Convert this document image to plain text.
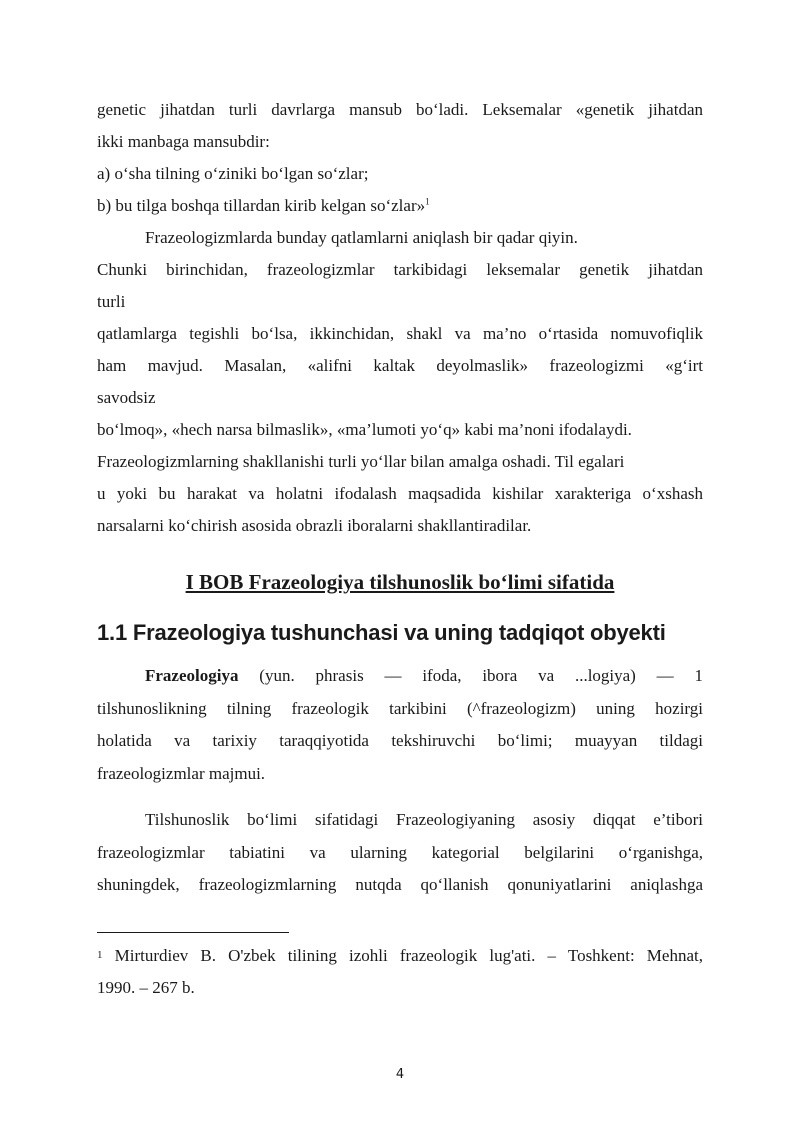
genetic jihatdan turli davrlarga mansub bo‘ladi. Leksemalar «genetik jihatdan

ikki manbaga mansubdir:

a) o‘sha tilning o‘ziniki bo‘lgan so‘zlar;

b) bu tilga boshqa tillardan kirib kelgan so‘zlar»$^1$

Frazeologizmlarda bunday qatlamlarni aniqlash bir qadar qiyin.

Chunki birinchidan, frazeologizmlar tarkibidagi leksemalar genetik jihatdan

turli

qatlamlarga tegishli bo‘lsa, ikkinchidan, shakl va ma’no o‘rtasida nomuvofiqlik

ham mavjud. Masalan, «alifni kaltak deyolmaslik» frazeologizmi «g‘irt

savodsiz

bo‘lmoq», «hech narsa bilmaslik», «ma’lumoti yo‘q» kabi ma’noni ifodalaydi.

Frazeologizmlarning shakllanishi turli yo‘llar bilan amalga oshadi. Til egalari

u yoki bu harakat va holatni ifodalash maqsadida kishilar xarakteriga o‘xshash

narsalarni ko‘chirish asosida obrazli iboralarni shakllantiradilar.

I BOB Frazeologiya tilshunoslik bo‘limi sifatida
1.1 Frazeologiya tushunchasi va uning tadqiqot obyekti

Frazeologiya (yun. phrasis — ifoda, ibora va ...logiya) — 1

tilshunoslikning tilning frazeologik tarkibini (^frazeologizm) uning hozirgi

holatida va tarixiy taraqqiyotida tekshiruvchi bo‘limi; muayyan tildagi

frazeologizmlar majmui.

Tilshunoslik bo‘limi sifatidagi Frazeologiyaning asosiy diqqat e’tibori

frazeologizmlar tabiatini va ularning kategorial belgilarini o‘rganishga,

shuningdek, frazeologizmlarning nutqda qo‘llanish qonuniyatlarini aniqlashga

$^1$ Mirturdiev B. O'zbek tilining izohli frazeologik lug'ati. – Toshkent: Mehnat,

1990. – 267 b.

4
